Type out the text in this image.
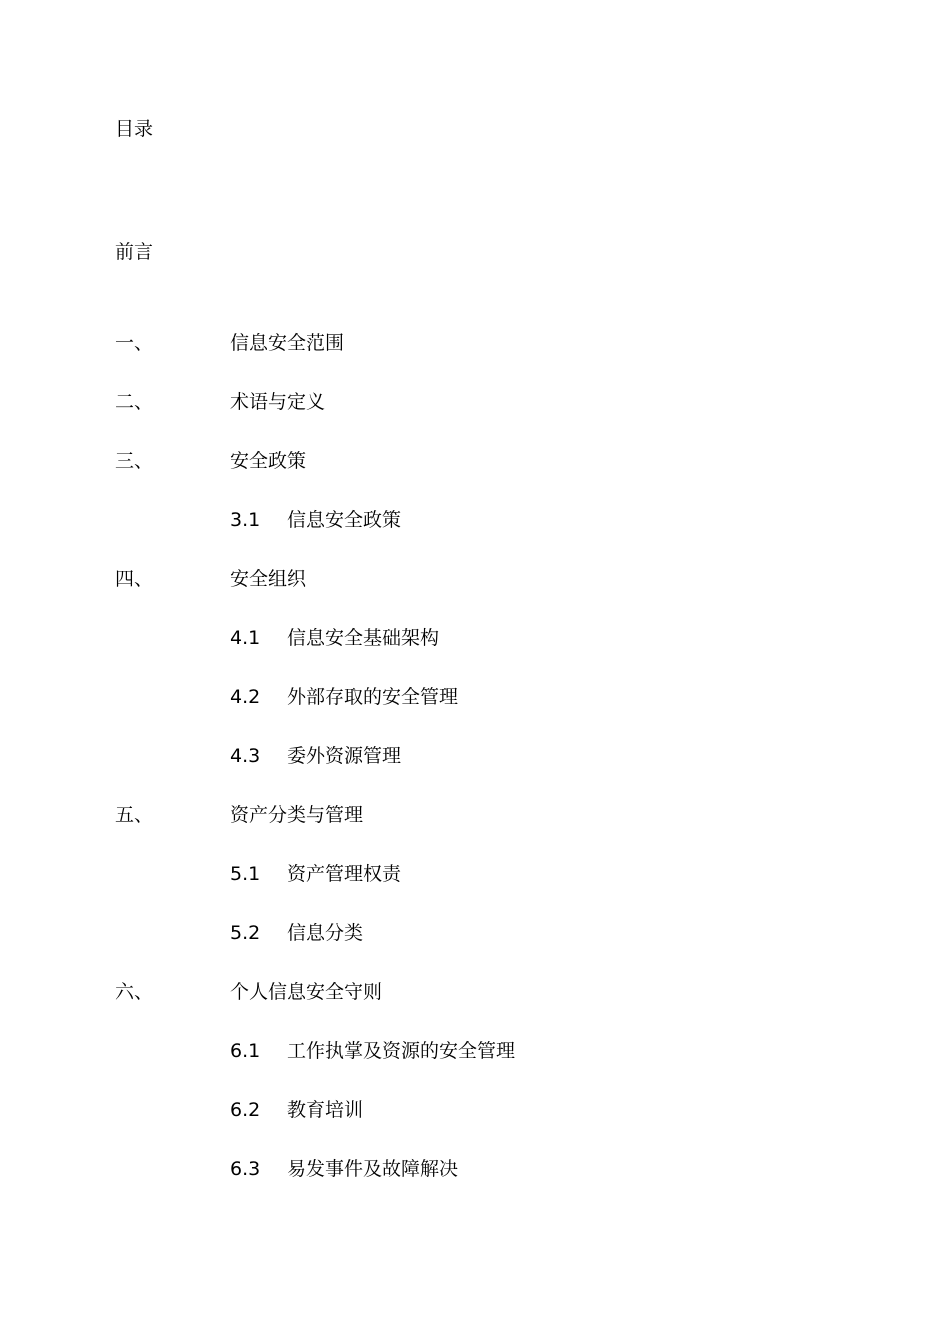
目录
前言
一、	信息安全范围
二、	术语与定义
三、	安全政策
3.1 信息安全政策
四、	安全组织
4.1 信息安全基础架构
4.2 外部存取的安全管理
4.3 委外资源管理
五、	资产分类与管理
5.1 资产管理权责
5.2 信息分类
六、	个人信息安全守则
6.1 工作执掌及资源的安全管理
6.2 教育培训
6.3 易发事件及故障解决
